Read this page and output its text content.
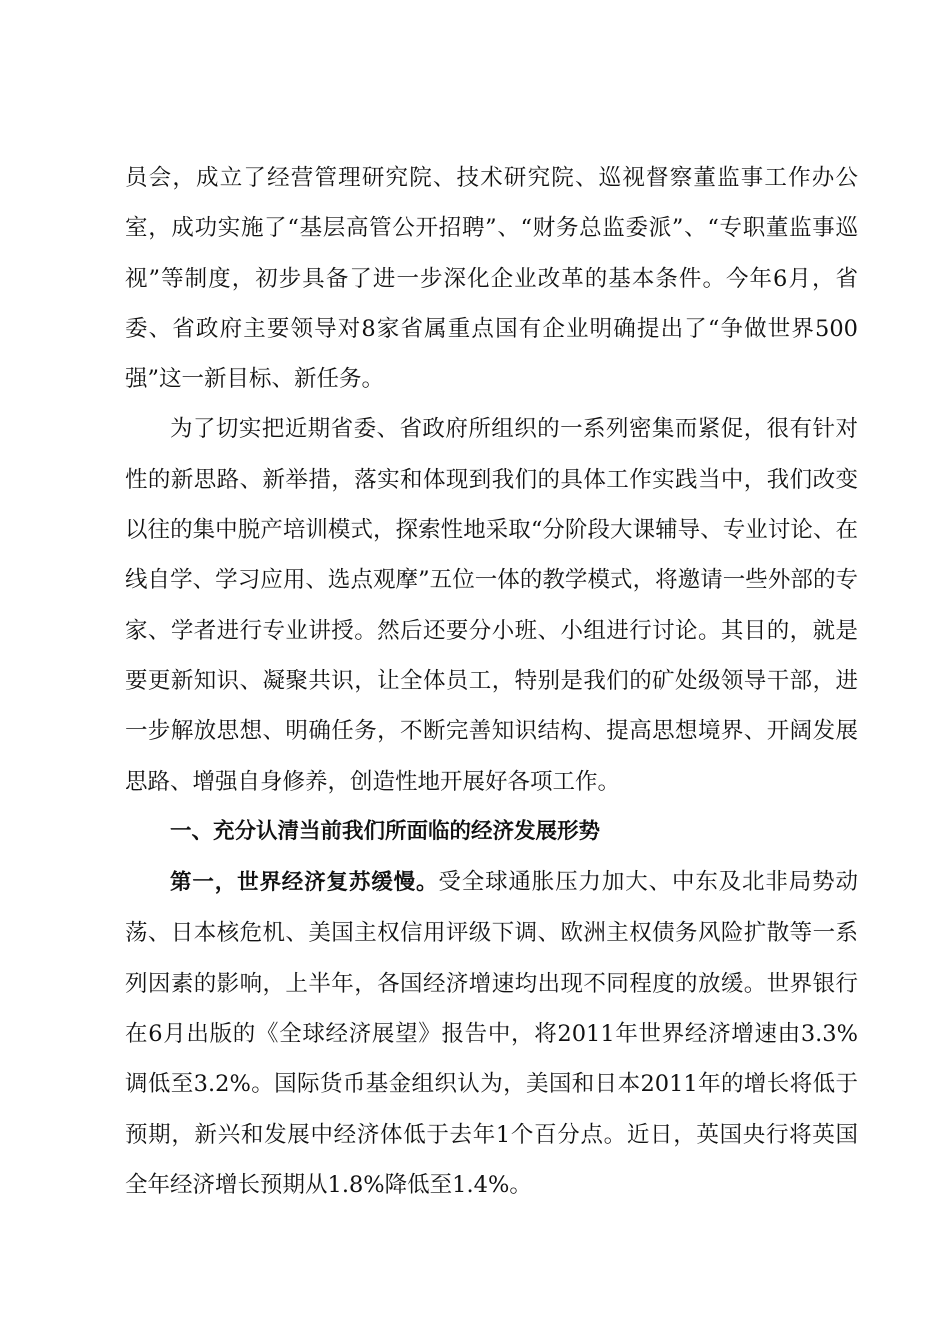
员会，成立了经营管理研究院、技术研究院、巡视督察董监事工作办公室，成功实施了“基层高管公开招聘”、“财务总监委派”、“专职董监事巡视”等制度，初步具备了进一步深化企业改革的基本条件。今年6月，省委、省政府主要领导对8家省属重点国有企业明确提出了“争做世界500强”这一新目标、新任务。

为了切实把近期省委、省政府所组织的一系列密集而紧促，很有针对性的新思路、新举措，落实和体现到我们的具体工作实践当中，我们改变以往的集中脱产培训模式，探索性地采取“分阶段大课辅导、专业讨论、在线自学、学习应用、选点观摩”五位一体的教学模式，将邀请一些外部的专家、学者进行专业讲授。然后还要分小班、小组进行讨论。其目的，就是要更新知识、凝聚共识，让全体员工，特别是我们的矿处级领导干部，进一步解放思想、明确任务，不断完善知识结构、提高思想境界、开阔发展思路、增强自身修养，创造性地开展好各项工作。

一、充分认清当前我们所面临的经济发展形势

第一，世界经济复苏缓慢。受全球通胀压力加大、中东及北非局势动荡、日本核危机、美国主权信用评级下调、欧洲主权债务风险扩散等一系列因素的影响，上半年，各国经济增速均出现不同程度的放缓。世界银行在6月出版的《全球经济展望》报告中，将2011年世界经济增速由3.3%调低至3.2%。国际货币基金组织认为，美国和日本2011年的增长将低于预期，新兴和发展中经济体低于去年1个百分点。近日，英国央行将英国全年经济增长预期从1.8%降低至1.4%。
